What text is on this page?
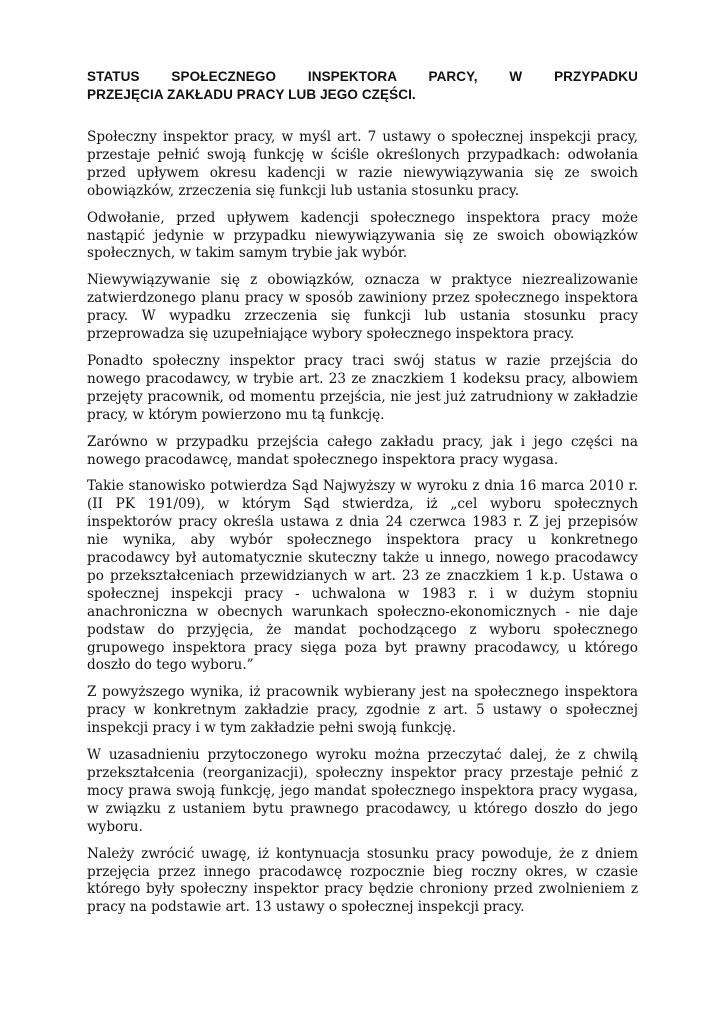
STATUS SPOŁECZNEGO INSPEKTORA PARCY, W PRZYPADKU
PRZEJĘCIA ZAKŁADU PRACY LUB JEGO CZĘŚCI.

Społeczny inspektor pracy, w myśl art. 7 ustawy o społecznej inspekcji pracy, przestaje pełnić swoją funkcję w ściśle określonych przypadkach: odwołania przed upływem okresu kadencji w razie niewywiązywania się ze swoich obowiązków, zrzeczenia się funkcji lub ustania stosunku pracy.

Odwołanie, przed upływem kadencji społecznego inspektora pracy może nastąpić jedynie w przypadku niewywiązywania się ze swoich obowiązków społecznych, w takim samym trybie jak wybór.

Niewywiązywanie się z obowiązków, oznacza w praktyce niezrealizowanie zatwierdzonego planu pracy w sposób zawiniony przez społecznego inspektora pracy. W wypadku zrzeczenia się funkcji lub ustania stosunku pracy przeprowadza się uzupełniające wybory społecznego inspektora pracy.

Ponadto społeczny inspektor pracy traci swój status w razie przejścia do nowego pracodawcy, w trybie art. 23 ze znaczkiem 1 kodeksu pracy, albowiem przejęty pracownik, od momentu przejścia, nie jest już zatrudniony w zakładzie pracy, w którym powierzono mu tą funkcję.

Zarówno w przypadku przejścia całego zakładu pracy, jak i jego części na nowego pracodawcę, mandat społecznego inspektora pracy wygasa.

Takie stanowisko potwierdza Sąd Najwyższy w wyroku z dnia 16 marca 2010 r. (II PK 191/09), w którym Sąd stwierdza, iż „cel wyboru społecznych inspektorów pracy określa ustawa z dnia 24 czerwca 1983 r. Z jej przepisów nie wynika, aby wybór społecznego inspektora pracy u konkretnego pracodawcy był automatycznie skuteczny także u innego, nowego pracodawcy po przekształceniach przewidzianych w art. 23 ze znaczkiem 1 k.p. Ustawa o społecznej inspekcji pracy - uchwalona w 1983 r. i w dużym stopniu anachroniczna w obecnych warunkach społeczno-ekonomicznych - nie daje podstaw do przyjęcia, że mandat pochodzącego z wyboru społecznego grupowego inspektora pracy sięga poza byt prawny pracodawcy, u którego doszło do tego wyboru.”

Z powyższego wynika, iż pracownik wybierany jest na społecznego inspektora pracy w konkretnym zakładzie pracy, zgodnie z art. 5 ustawy o społecznej inspekcji pracy i w tym zakładzie pełni swoją funkcję.

W uzasadnieniu przytoczonego wyroku można przeczytać dalej, że z chwilą przekształcenia (reorganizacji), społeczny inspektor pracy przestaje pełnić z mocy prawa swoją funkcję, jego mandat społecznego inspektora pracy wygasa, w związku z ustaniem bytu prawnego pracodawcy, u którego doszło do jego wyboru.

Należy zwrócić uwagę, iż kontynuacja stosunku pracy powoduje, że z dniem przejęcia przez innego pracodawcę rozpocznie bieg roczny okres, w czasie którego były społeczny inspektor pracy będzie chroniony przed zwolnieniem z pracy na podstawie art. 13 ustawy o społecznej inspekcji pracy.
